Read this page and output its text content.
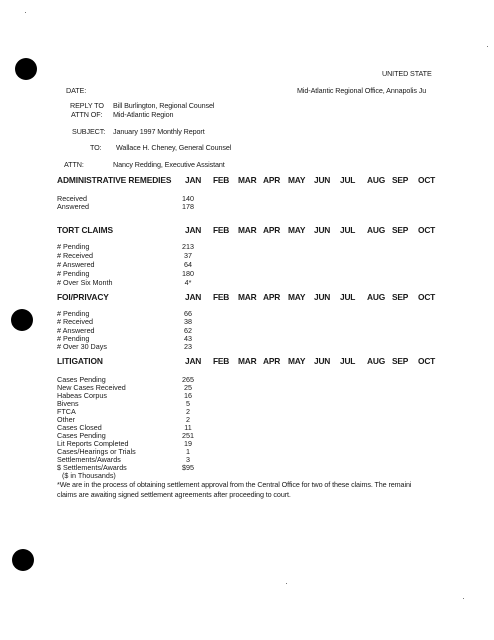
UNITED STATE
Mid-Atlantic Regional Office, Annapolis Ju
DATE:
REPLY TO Bill Burlington, Regional Counsel
ATTN OF: Mid-Atlantic Region
SUBJECT: January 1997 Monthly Report
TO: Wallace H. Cheney, General Counsel
ATTN:	Nancy Redding, Executive Assistant
ADMINISTRATIVE REMEDIES JAN FEB MAR APR MAY JUN JUL AUG SEP OCT
Received	140
Answered	178
TORT CLAIMS	JAN FEB MAR APR MAY JUN JUL AUG SEP OCT
# Pending	213
# Received	37
# Answered	64
# Pending	180
# Over Six Month	4*
FOI/PRIVACY	JAN FEB MAR APR MAY JUN JUL AUG SEP OCT
# Pending	66
# Received	38
# Answered	62
# Pending	43
# Over 30 Days	23
LITIGATION	JAN FEB MAR APR MAY JUN JUL AUG SEP OCT
Cases Pending	265
New Cases Received	25
Habeas Corpus	16
Bivens	5
FTCA	2
Other	2
Cases Closed	11
Cases Pending	251
Lit Reports Completed	19
Cases/Hearings or Trials	1
Settlements/Awards	3
$ Settlements/Awards	$95
($ in Thousands)
*We are in the process of obtaining settlement approval from the Central Office for two of these claims. The remaini
claims are awaiting signed settlement agreements after proceeding to court.
